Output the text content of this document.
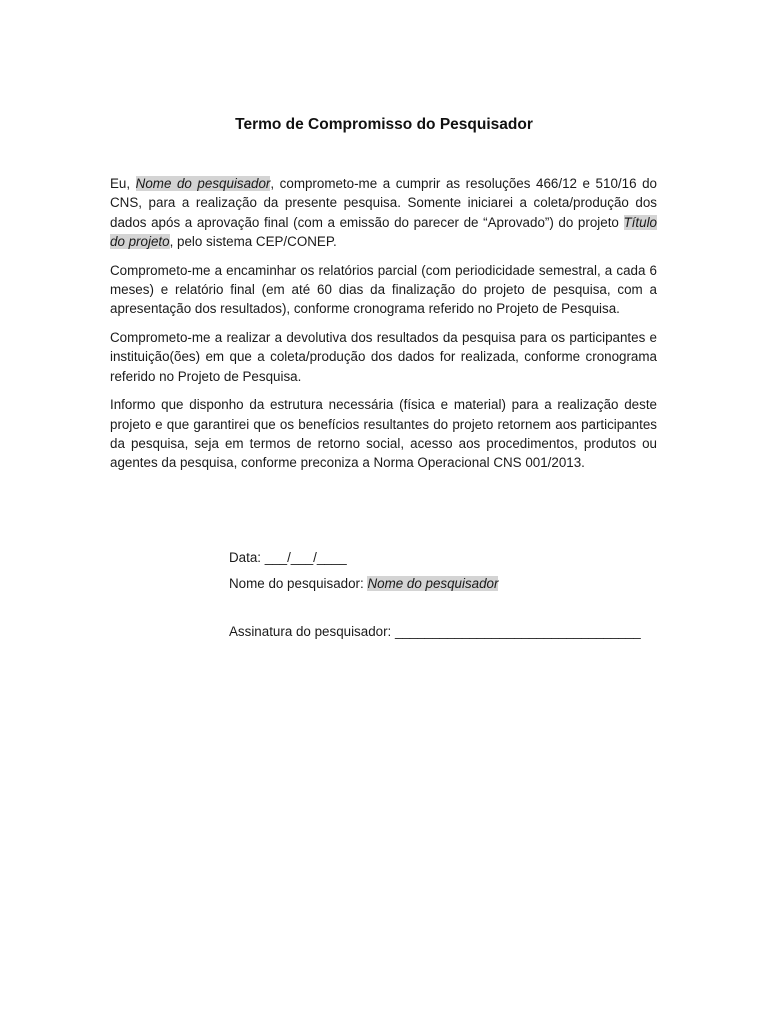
Termo de Compromisso do Pesquisador

Eu, Nome do pesquisador, comprometo-me a cumprir as resoluções 466/12 e 510/16 do CNS, para a realização da presente pesquisa. Somente iniciarei a coleta/produção dos dados após a aprovação final (com a emissão do parecer de “Aprovado”) do projeto Título do projeto, pelo sistema CEP/CONEP.

Comprometo-me a encaminhar os relatórios parcial (com periodicidade semestral, a cada 6 meses) e relatório final (em até 60 dias da finalização do projeto de pesquisa, com a apresentação dos resultados), conforme cronograma referido no Projeto de Pesquisa.

Comprometo-me a realizar a devolutiva dos resultados da pesquisa para os participantes e instituição(ões) em que a coleta/produção dos dados for realizada, conforme cronograma referido no Projeto de Pesquisa.

Informo que disponho da estrutura necessária (física e material) para a realização deste projeto e que garantirei que os benefícios resultantes do projeto retornem aos participantes da pesquisa, seja em termos de retorno social, acesso aos procedimentos, produtos ou agentes da pesquisa, conforme preconiza a Norma Operacional CNS 001/2013.

Data: ___/___/____
Nome do pesquisador: Nome do pesquisador
Assinatura do pesquisador: _________________________________
